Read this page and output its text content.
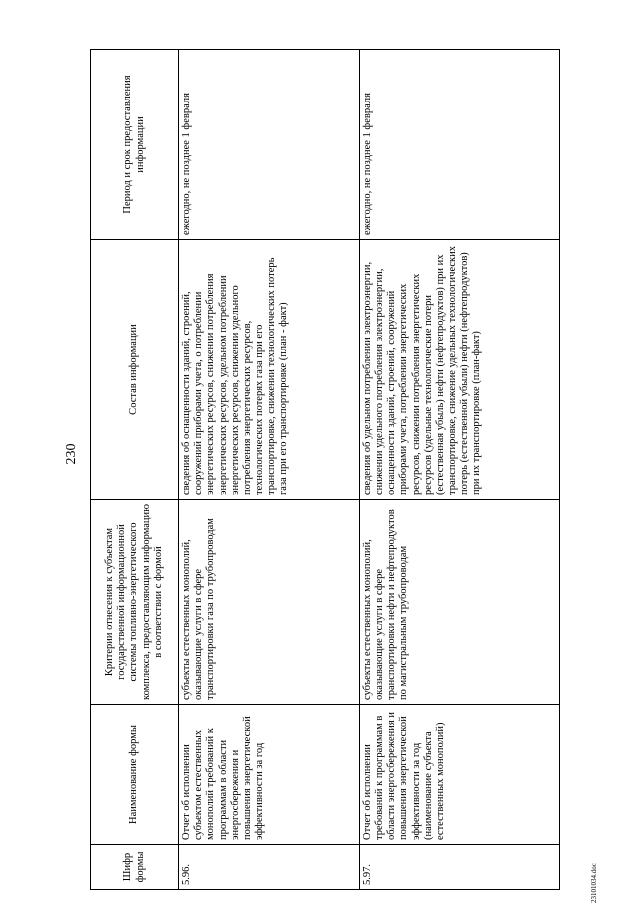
230
Шифр формы	Наименование формы	Критерии отнесения к субъектам государственной информационной системы топливно-энергетического комплекса, предоставляющим информацию в соответствии с формой	Состав информации	Период и срок предоставления информации
5.96.	Отчет об исполнении субъектом естественных монополий требований к программам в области энергосбережения и повышения энергетической эффективности за год	субъекты естественных монополий, оказывающие услуги в сфере транспортировки газа по трубопроводам	сведения об оснащенности зданий, строений, сооружений приборами учета, о потреблении энергетических ресурсов, снижении потребления энергетических ресурсов, удельном потреблении энергетических ресурсов, снижении удельного потребления энергетических ресурсов, технологических потерях газа при его транспортировке, снижении технологических потерь газа при его транспортировке (план - факт)	ежегодно, не позднее 1 февраля
5.97.	Отчет об исполнении требований к программам в области энергосбережения и повышения энергетической эффективности за год (наименование субъекта естественных монополий)	субъекты естественных монополий, оказывающие услуги в сфере транспортировки нефти и нефтепродуктов по магистральным трубопроводам	сведения об удельном потреблении электроэнергии, снижении удельного потребления электроэнергии, оснащенности зданий, строений, сооружений приборами учета, потреблении энергетических ресурсов, снижении потребления энергетических ресурсов (удельные технологические потери (естественная убыль) нефти (нефтепродуктов) при их транспортировке, снижение удельных технологических потерь (естественной убыли) нефти (нефтепродуктов) при их транспортировке (план-факт)	ежегодно, не позднее 1 февраля
23101034.doc
